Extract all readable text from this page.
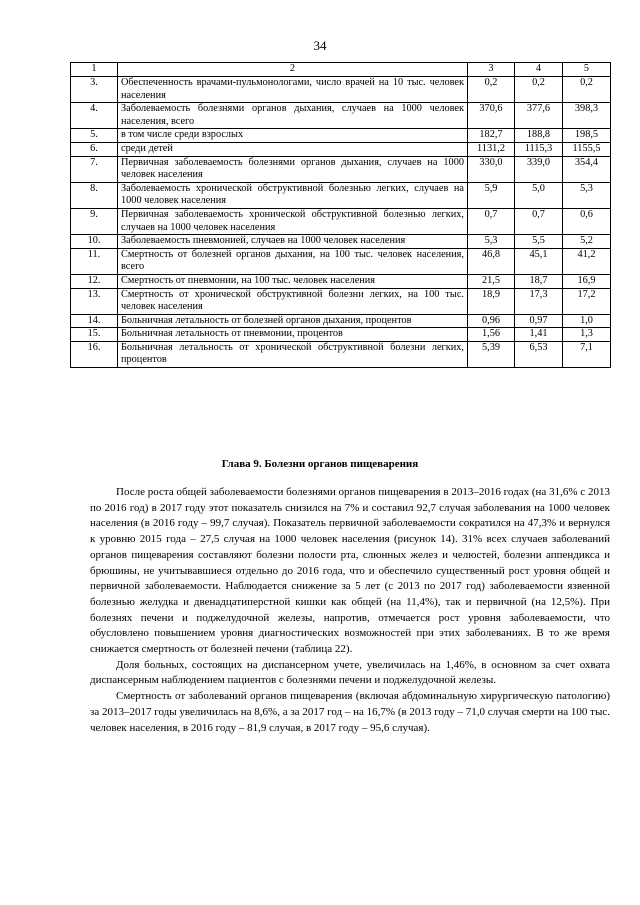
34
1	2	3	4	5
3.	Обеспеченность врачами-пульмонологами, число врачей на 10 тыс. человек населения	0,2	0,2	0,2
4.	Заболеваемость болезнями органов дыхания, случаев на 1000 человек населения, всего	370,6	377,6	398,3
5.	в том числе среди взрослых	182,7	188,8	198,5
6.	среди детей	1131,2	1115,3	1155,5
7.	Первичная заболеваемость болезнями органов дыхания, случаев на 1000 человек населения	330,0	339,0	354,4
8.	Заболеваемость хронической обструктивной болезнью легких, случаев на 1000 человек населения	5,9	5,0	5,3
9.	Первичная заболеваемость хронической обструктивной болезнью легких, случаев на 1000 человек населения	0,7	0,7	0,6
10.	Заболеваемость пневмонией, случаев на 1000 человек населения	5,3	5,5	5,2
11.	Смертность от болезней органов дыхания, на 100 тыс. человек населения, всего	46,8	45,1	41,2
12.	Смертность от пневмонии, на 100 тыс. человек населения	21,5	18,7	16,9
13.	Смертность от хронической обструктивной болезни легких, на 100 тыс. человек населения	18,9	17,3	17,2
14.	Больничная летальность от болезней органов дыхания, процентов	0,96	0,97	1,0
15.	Больничная летальность от пневмонии, процентов	1,56	1,41	1,3
16.	Больничная летальность от хронической обструктивной болезни легких, процентов	5,39	6,53	7,1
Глава 9. Болезни органов пищеварения

После роста общей заболеваемости болезнями органов пищеварения в 2013–2016 годах (на 31,6% с 2013 по 2016 год) в 2017 году этот показатель снизился на 7% и составил 92,7 случая заболевания на 1000 человек населения (в 2016 году – 99,7 случая). Показатель первичной заболеваемости сократился на 47,3% и вернулся к уровню 2015 года – 27,5 случая на 1000 человек населения (рисунок 14). 31% всех случаев заболеваний органов пищеварения составляют болезни полости рта, слюнных желез и челюстей, болезни аппендикса и брюшины, не учитывавшиеся отдельно до 2016 года, что и обеспечило существенный рост уровня общей и первичной заболеваемости. Наблюдается снижение за 5 лет (с 2013 по 2017 год) заболеваемости язвенной болезнью желудка и двенадцатиперстной кишки как общей (на 11,4%), так и первичной (на 12,5%). При болезнях печени и поджелудочной железы, напротив, отмечается рост уровня заболеваемости, что обусловлено повышением уровня диагностических возможностей при этих заболеваниях. В то же время снижается смертность от болезней печени (таблица 22).

Доля больных, состоящих на диспансерном учете, увеличилась на 1,46%, в основном за счет охвата диспансерным наблюдением пациентов с болезнями печени и поджелудочной железы.

Смертность от заболеваний органов пищеварения (включая абдоминальную хирургическую патологию) за 2013–2017 годы увеличилась на 8,6%, а за 2017 год – на 16,7% (в 2013 году – 71,0 случая смерти на 100 тыс. человек населения, в 2016 году – 81,9 случая, в 2017 году – 95,6 случая).
